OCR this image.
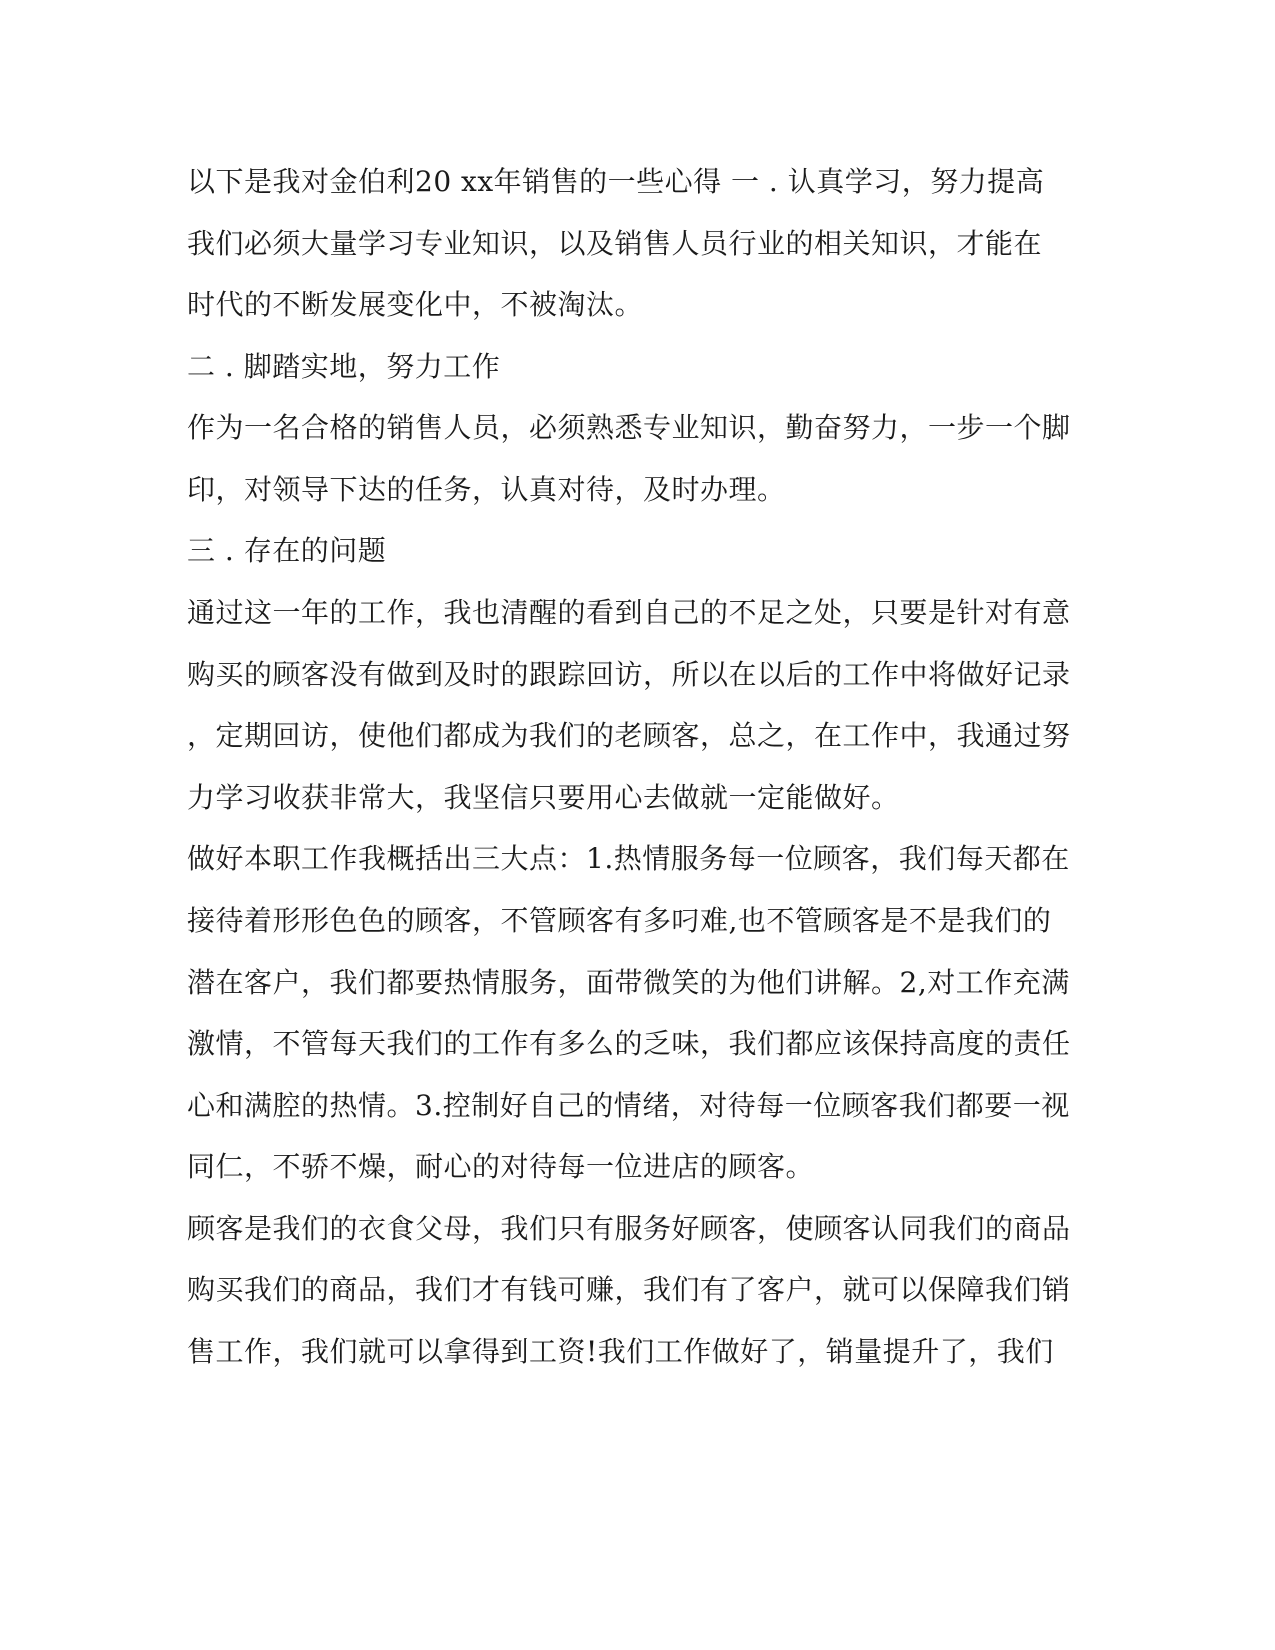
以下是我对金伯利20 xx年销售的一些心得 一 . 认真学习，努力提高
我们必须大量学习专业知识，以及销售人员行业的相关知识，才能在
时代的不断发展变化中，不被淘汰。
二 . 脚踏实地，努力工作
作为一名合格的销售人员，必须熟悉专业知识，勤奋努力，一步一个脚
印，对领导下达的任务，认真对待，及时办理。
三 . 存在的问题
通过这一年的工作，我也清醒的看到自己的不足之处，只要是针对有意
购买的顾客没有做到及时的跟踪回访，所以在以后的工作中将做好记录
，定期回访，使他们都成为我们的老顾客，总之，在工作中，我通过努
力学习收获非常大，我坚信只要用心去做就一定能做好。
做好本职工作我概括出三大点：1.热情服务每一位顾客，我们每天都在
接待着形形色色的顾客，不管顾客有多叼难,也不管顾客是不是我们的
潜在客户，我们都要热情服务，面带微笑的为他们讲解。2,对工作充满
激情，不管每天我们的工作有多么的乏味，我们都应该保持高度的责任
心和满腔的热情。3.控制好自己的情绪，对待每一位顾客我们都要一视
同仁，不骄不燥，耐心的对待每一位进店的顾客。
顾客是我们的衣食父母，我们只有服务好顾客，使顾客认同我们的商品
购买我们的商品，我们才有钱可赚，我们有了客户，就可以保障我们销
售工作，我们就可以拿得到工资!我们工作做好了，销量提升了，我们
